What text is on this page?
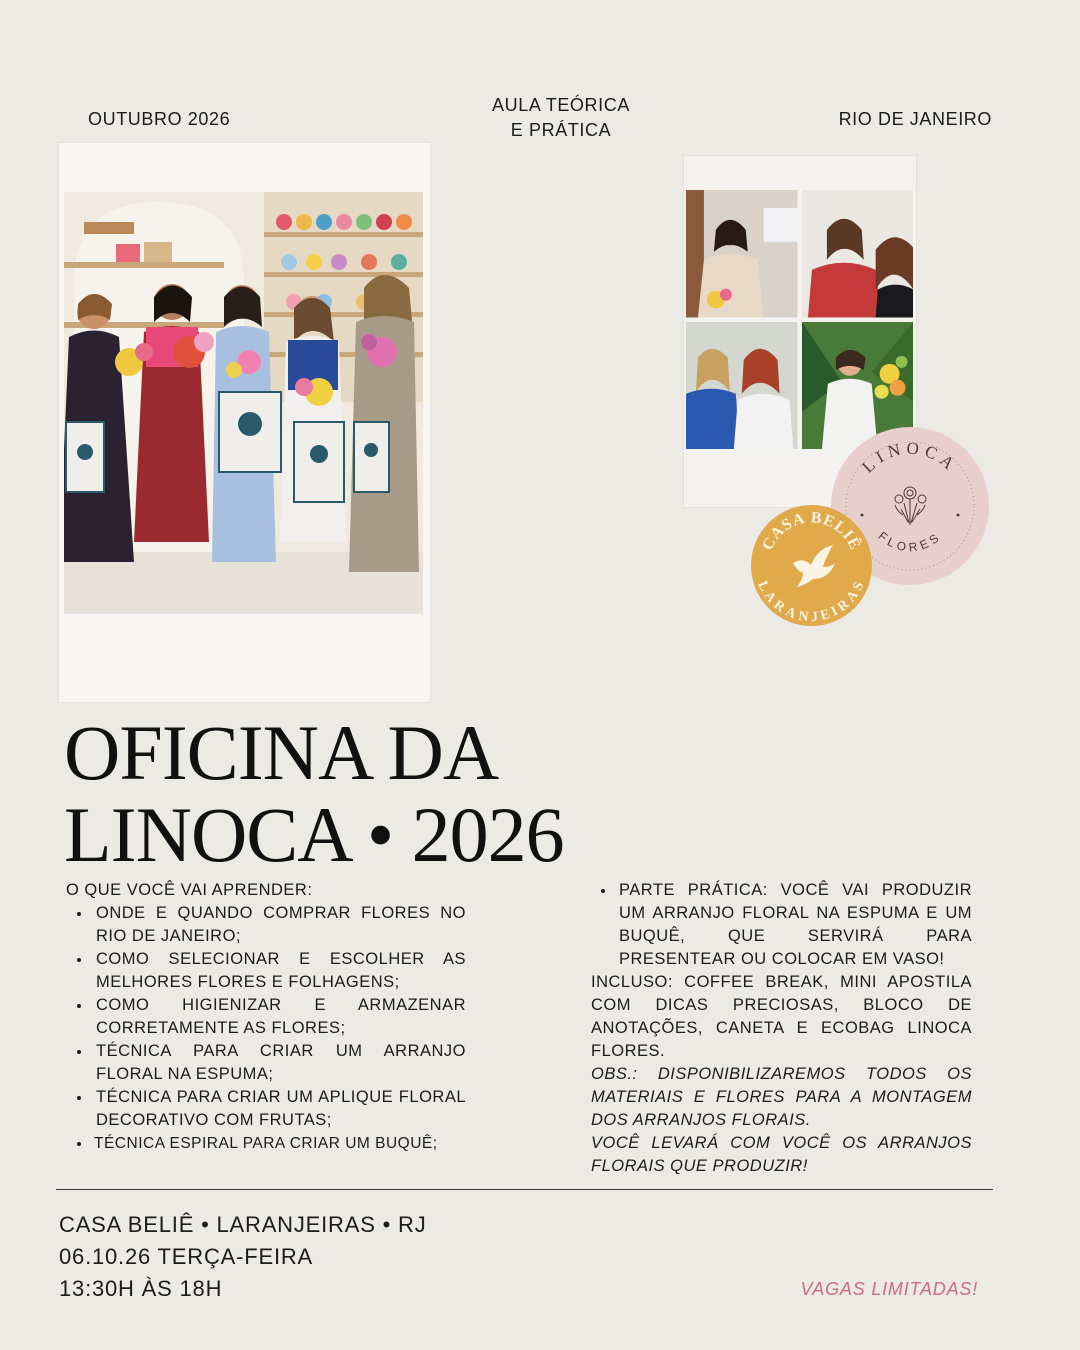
OUTUBRO 2026
AULA TEÓRICA
E PRÁTICA
RIO DE JANEIRO
LINOCA
FLORES
CASA BELIÊ
LARANJEIRAS
OFICINA DA
LINOCA • 2026
O QUE VOCÊ VAI APRENDER:
ONDE E QUANDO COMPRAR FLORES NO RIO DE JANEIRO;
COMO SELECIONAR E ESCOLHER AS MELHORES FLORES E FOLHAGENS;
COMO HIGIENIZAR E ARMAZENAR CORRETAMENTE AS FLORES;
TÉCNICA PARA CRIAR UM ARRANJO FLORAL NA ESPUMA;
TÉCNICA PARA CRIAR UM APLIQUE FLORAL DECORATIVO COM FRUTAS;
TÉCNICA ESPIRAL PARA CRIAR UM BUQUÊ;
PARTE PRÁTICA: VOCÊ VAI PRODUZIR UM ARRANJO FLORAL NA ESPUMA E UM BUQUÊ, QUE SERVIRÁ PARA PRESENTEAR OU COLOCAR EM VASO!
INCLUSO: COFFEE BREAK, MINI APOSTILA COM DICAS PRECIOSAS, BLOCO DE ANOTAÇÕES, CANETA E ECOBAG LINOCA FLORES.
OBS.: DISPONIBILIZAREMOS TODOS OS MATERIAIS E FLORES PARA A MONTAGEM DOS ARRANJOS FLORAIS.
VOCÊ LEVARÁ COM VOCÊ OS ARRANJOS FLORAIS QUE PRODUZIR!
CASA BELIÊ • LARANJEIRAS • RJ
06.10.26 TERÇA-FEIRA
13:30H ÀS 18H	VAGAS LIMITADAS!
